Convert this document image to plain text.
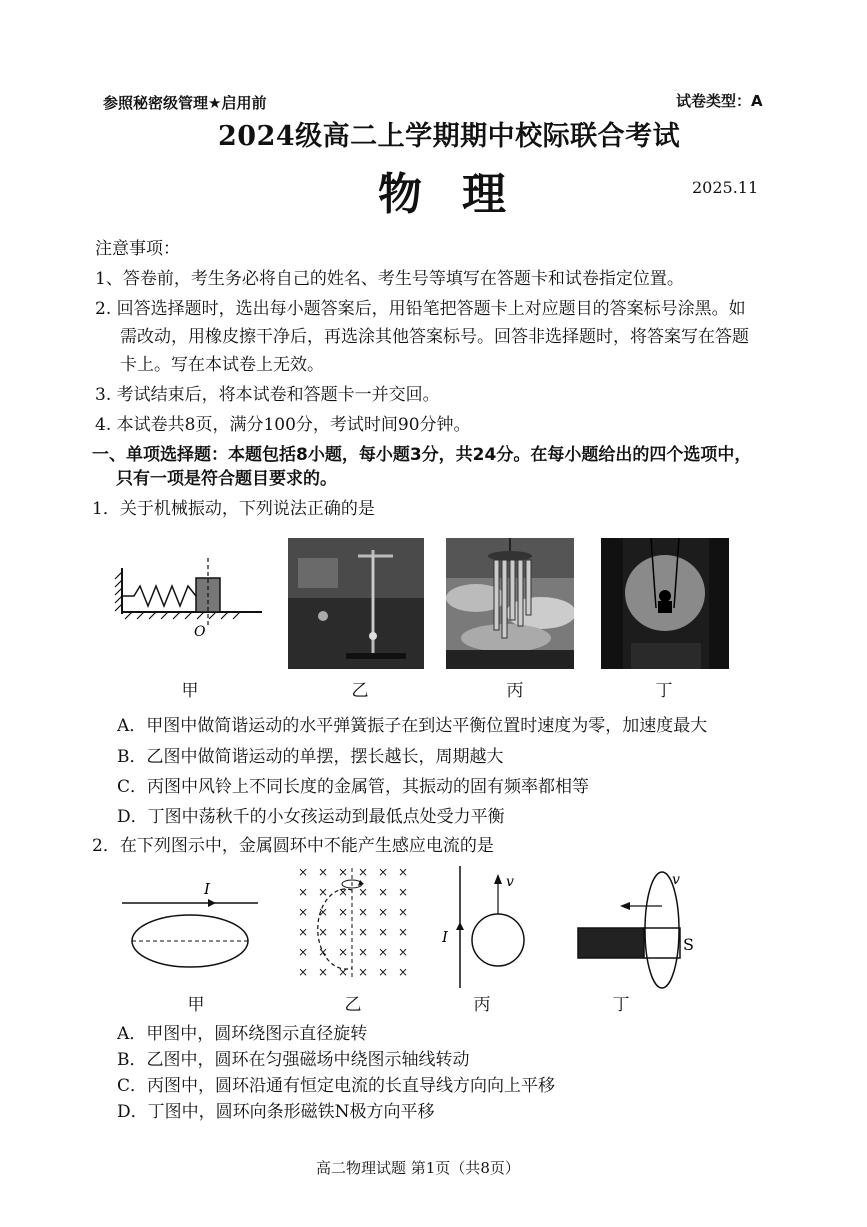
参照秘密级管理★启用前	试卷类型：A
2024级高二上学期期中校际联合考试
物理	2025.11
注意事项：
1、答卷前，考生务必将自己的姓名、考生号等填写在答题卡和试卷指定位置。
2. 回答选择题时，选出每小题答案后，用铅笔把答题卡上对应题目的答案标号涂黑。如
需改动，用橡皮擦干净后，再选涂其他答案标号。回答非选择题时，将答案写在答题
卡上。写在本试卷上无效。
3. 考试结束后，将本试卷和答题卡一并交回。
4. 本试卷共8页，满分100分，考试时间90分钟。
一、单项选择题：本题包括8小题，每小题3分，共24分。在每小题给出的四个选项中，
只有一项是符合题目要求的。
1．关于机械振动，下列说法正确的是
O
甲	乙	丙	丁
A．甲图中做简谐运动的水平弹簧振子在到达平衡位置时速度为零，加速度最大
B．乙图中做简谐运动的单摆，摆长越长，周期越大
C．丙图中风铃上不同长度的金属管，其振动的固有频率都相等
D．丁图中荡秋千的小女孩运动到最低点处受力平衡
2．在下列图示中，金属圆环中不能产生感应电流的是
I
× × × × × ×
× × × × × ×
× × × × × ×
× × × × × ×
× × × × × ×
× × × × × ×
I
v
S
v
甲	乙	丙	丁
A．甲图中，圆环绕图示直径旋转
B．乙图中，圆环在匀强磁场中绕图示轴线转动
C．丙图中，圆环沿通有恒定电流的长直导线方向向上平移
D．丁图中，圆环向条形磁铁N极方向平移
高二物理试题 第1页（共8页）
